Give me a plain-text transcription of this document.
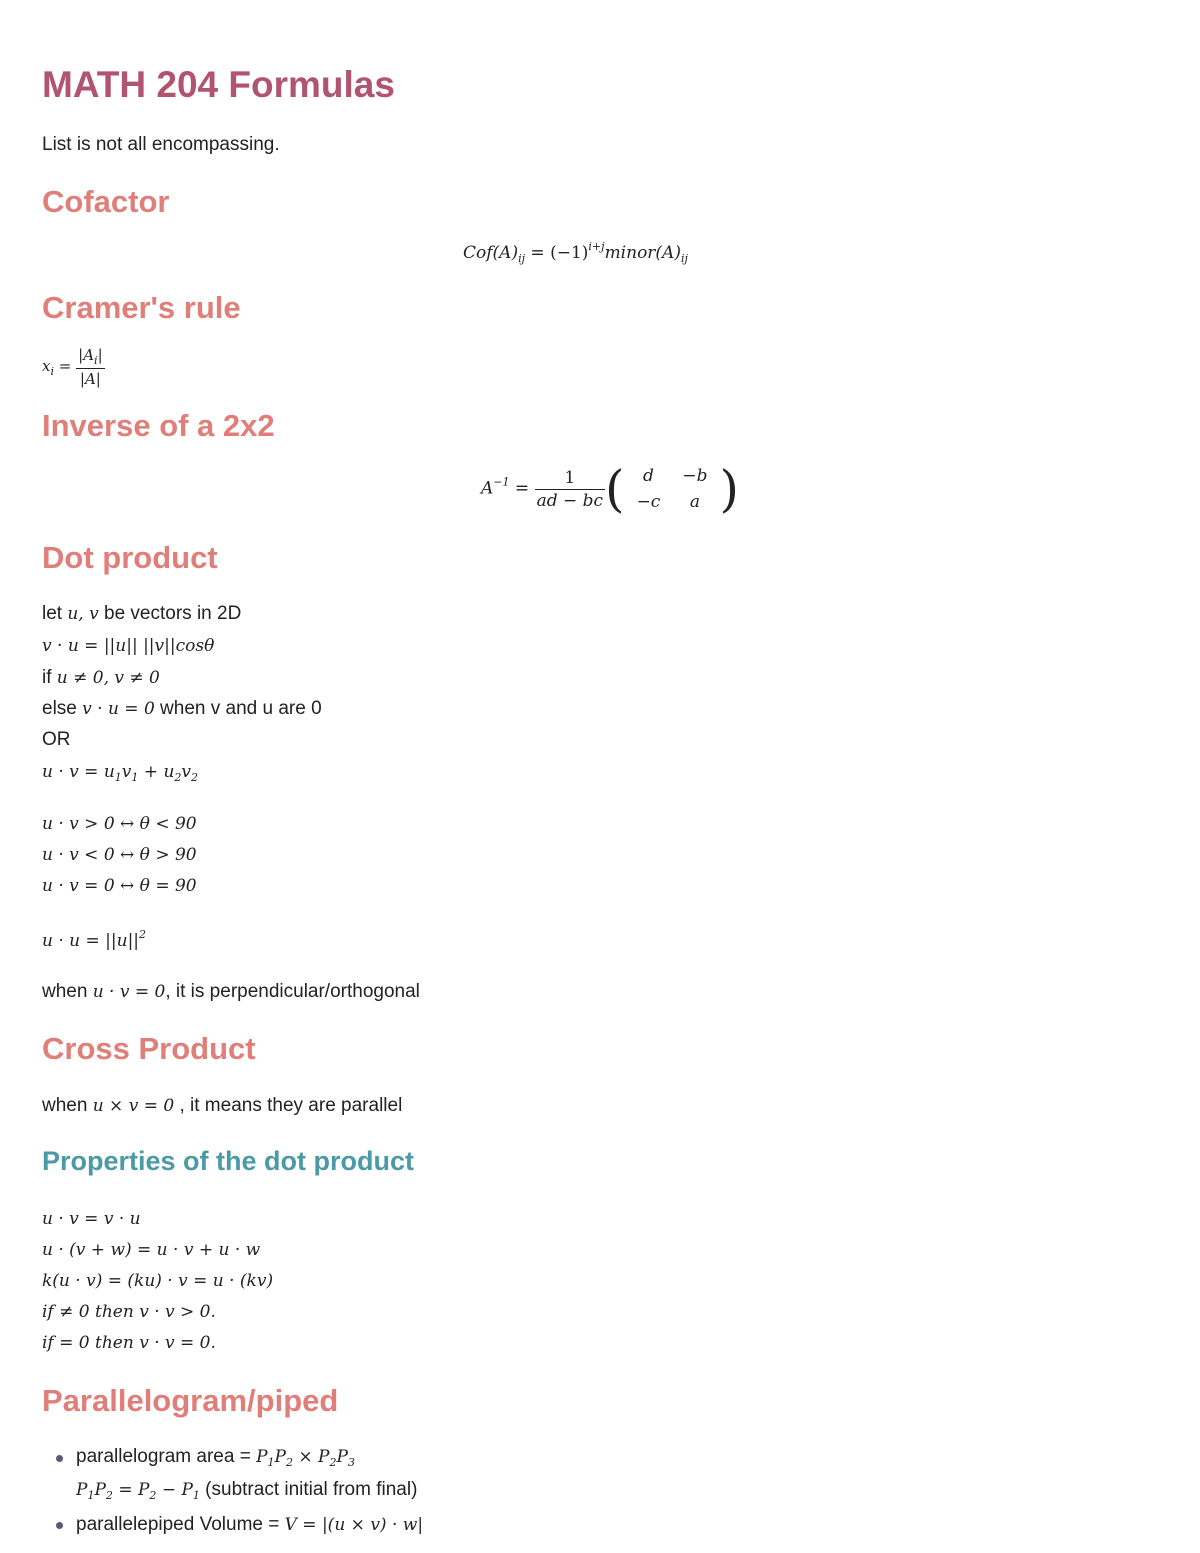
MATH 204 Formulas
List is not all encompassing.
Cofactor
$Cof(A)_{ij}$ = $(-1)^{i+j}minor(A)_{ij}$
Cramer's rule
$x_i = \frac{|A_i|}{|A|}$
Inverse of a 2x2
$A^{-1} = \frac{1}{ad - bc}$ ( d	−b
−c	a )
Dot product
let u, v be vectors in 2D
v · u = ||u|| ||v||cosθ
if u ≠ 0, v ≠ 0
else v · u = 0 when v and u are 0
OR
$u \cdot v = u_1v_1 + u_2v_2$
u · v > 0 ↔ θ < 90
u · v < 0 ↔ θ > 90
u · v = 0 ↔ θ = 90
$u \cdot u = ||u||^2$
when u · v = 0, it is perpendicular/orthogonal
Cross Product
when u × v = 0 , it means they are parallel
Properties of the dot product
u · v = v · u
u · (v + w) = u · v + u · w
k(u · v) = (ku) · v = u · (kv)
if ≠ 0 then v · v > 0.
if = 0 then v · v = 0.
Parallelogram/piped
parallelogram area = $P_1P_2 \times P_2P_3$
$P_1P_2 = P_2 - P_1$ (subtract initial from final)
parallelepiped Volume = V = |(u × v) · w|
